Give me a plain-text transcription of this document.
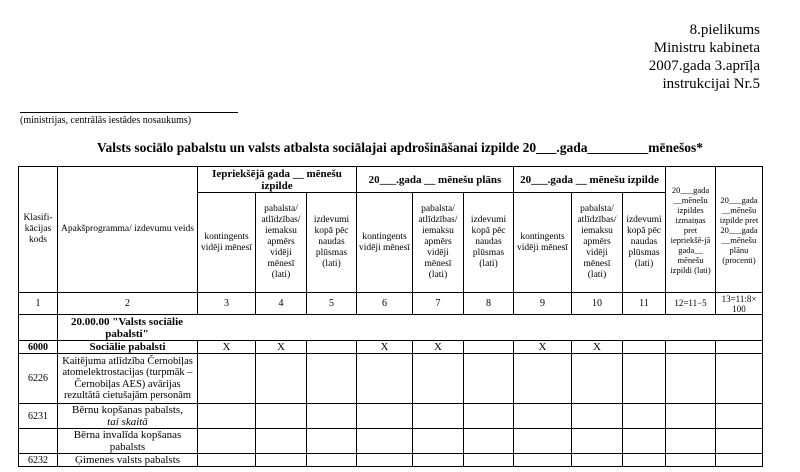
8.pielikums
Ministru kabineta
2007.gada 3.aprīļa
instrukcijai Nr.5
(ministrijas, centrālās iestādes nosaukums)
Valsts sociālo pabalstu un valsts atbalsta sociālajai apdrošināšanai izpilde 20___.gada_________mēnešos*
Klasifi-kācijas kods	Apakšprogramma/ izdevumu veids	Iepriekšējā gada __ mēnešu izpilde			20___.gada __ mēnešu plāns			20___.gada __ mēnešu izpilde			20___gada __mēnešu izpildes izmaiņas pret iepriekšē-jā gada__ mēnešu izpildi (lati)	20___gada __mēnešu izpilde pret 20___gada __mēnešu plānu (procenti)
		kontingents vidēji mēnesī	pabalsta/ atlīdzības/ iemaksu apmērs vidēji mēnesī (lati)	izdevumi kopā pēc naudas plūsmas (lati)	kontingents vidēji mēnesī	pabalsta/ atlīdzības/ iemaksu apmērs vidēji mēnesī (lati)	izdevumi kopā pēc naudas plūsmas (lati)	kontingents vidēji mēnesī	pabalsta/ atlīdzības/ iemaksu apmērs vidēji mēnesī (lati)	izdevumi kopā pēc naudas plūsmas (lati)		
1	2	3	4	5	6	7	8	9	10	11	12=11−5	13=11:8× 100

	20.00.00 "Valsts sociālie pabalsti"											

6000	Sociālie pabalsti	X	X		X	X		X	X			
6226	Kaitējuma atlīdzība Černobiļas atomelektrostacijas (turpmāk – Černobiļas AES) avārijas rezultātā cietušajām personām											
6231	Bērnu kopšanas pabalsts,
tai skaitā											

	Bērna invalīda kopšanas pabalsts											
6232	Ģimenes valsts pabalsts											
